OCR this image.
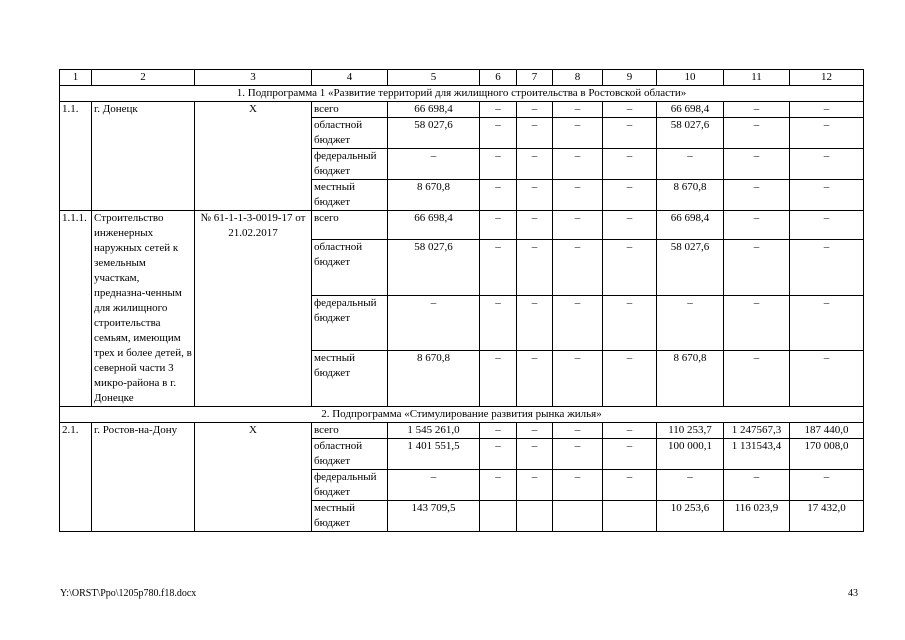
1	2	3	4	5	6	7	8	9	10	11	12
1. Подпрограмма 1 «Развитие территорий для жилищного строительства в Ростовской области»											
1.1.	г. Донецк	X	всего	66 698,4	–	–	–	–	66 698,4	–	–
			областной бюджет	58 027,6	–	–	–	–	58 027,6	–	–
			федеральный бюджет	–	–	–	–	–	–	–	–
			местный бюджет	8 670,8	–	–	–	–	8 670,8	–	–
1.1.1.	Строительство инженерных наружных сетей к земельным участкам, предназна-ченным для жилищного строительства семьям, имеющим трех и более детей, в северной части 3 микро-района в г. Донецке	№ 61-1-1-3-0019-17 от 21.02.2017	всего	66 698,4	–	–	–	–	66 698,4	–	–
			областной бюджет	58 027,6	–	–	–	–	58 027,6	–	–
			федеральный бюджет	–	–	–	–	–	–	–	–
			местный бюджет	8 670,8	–	–	–	–	8 670,8	–	–
2. Подпрограмма «Стимулирование развития рынка жилья»											
2.1.	г. Ростов-на-Дону	X	всего	1 545 261,0	–	–	–	–	110 253,7	1 247567,3	187 440,0
			областной бюджет	1 401 551,5	–	–	–	–	100 000,1	1 131543,4	170 008,0
			федеральный бюджет	–	–	–	–	–	–	–	–
			местный бюджет	143 709,5					10 253,6	116 023,9	17 432,0
Y:\ORST\Ppo\1205p780.f18.docx	43
